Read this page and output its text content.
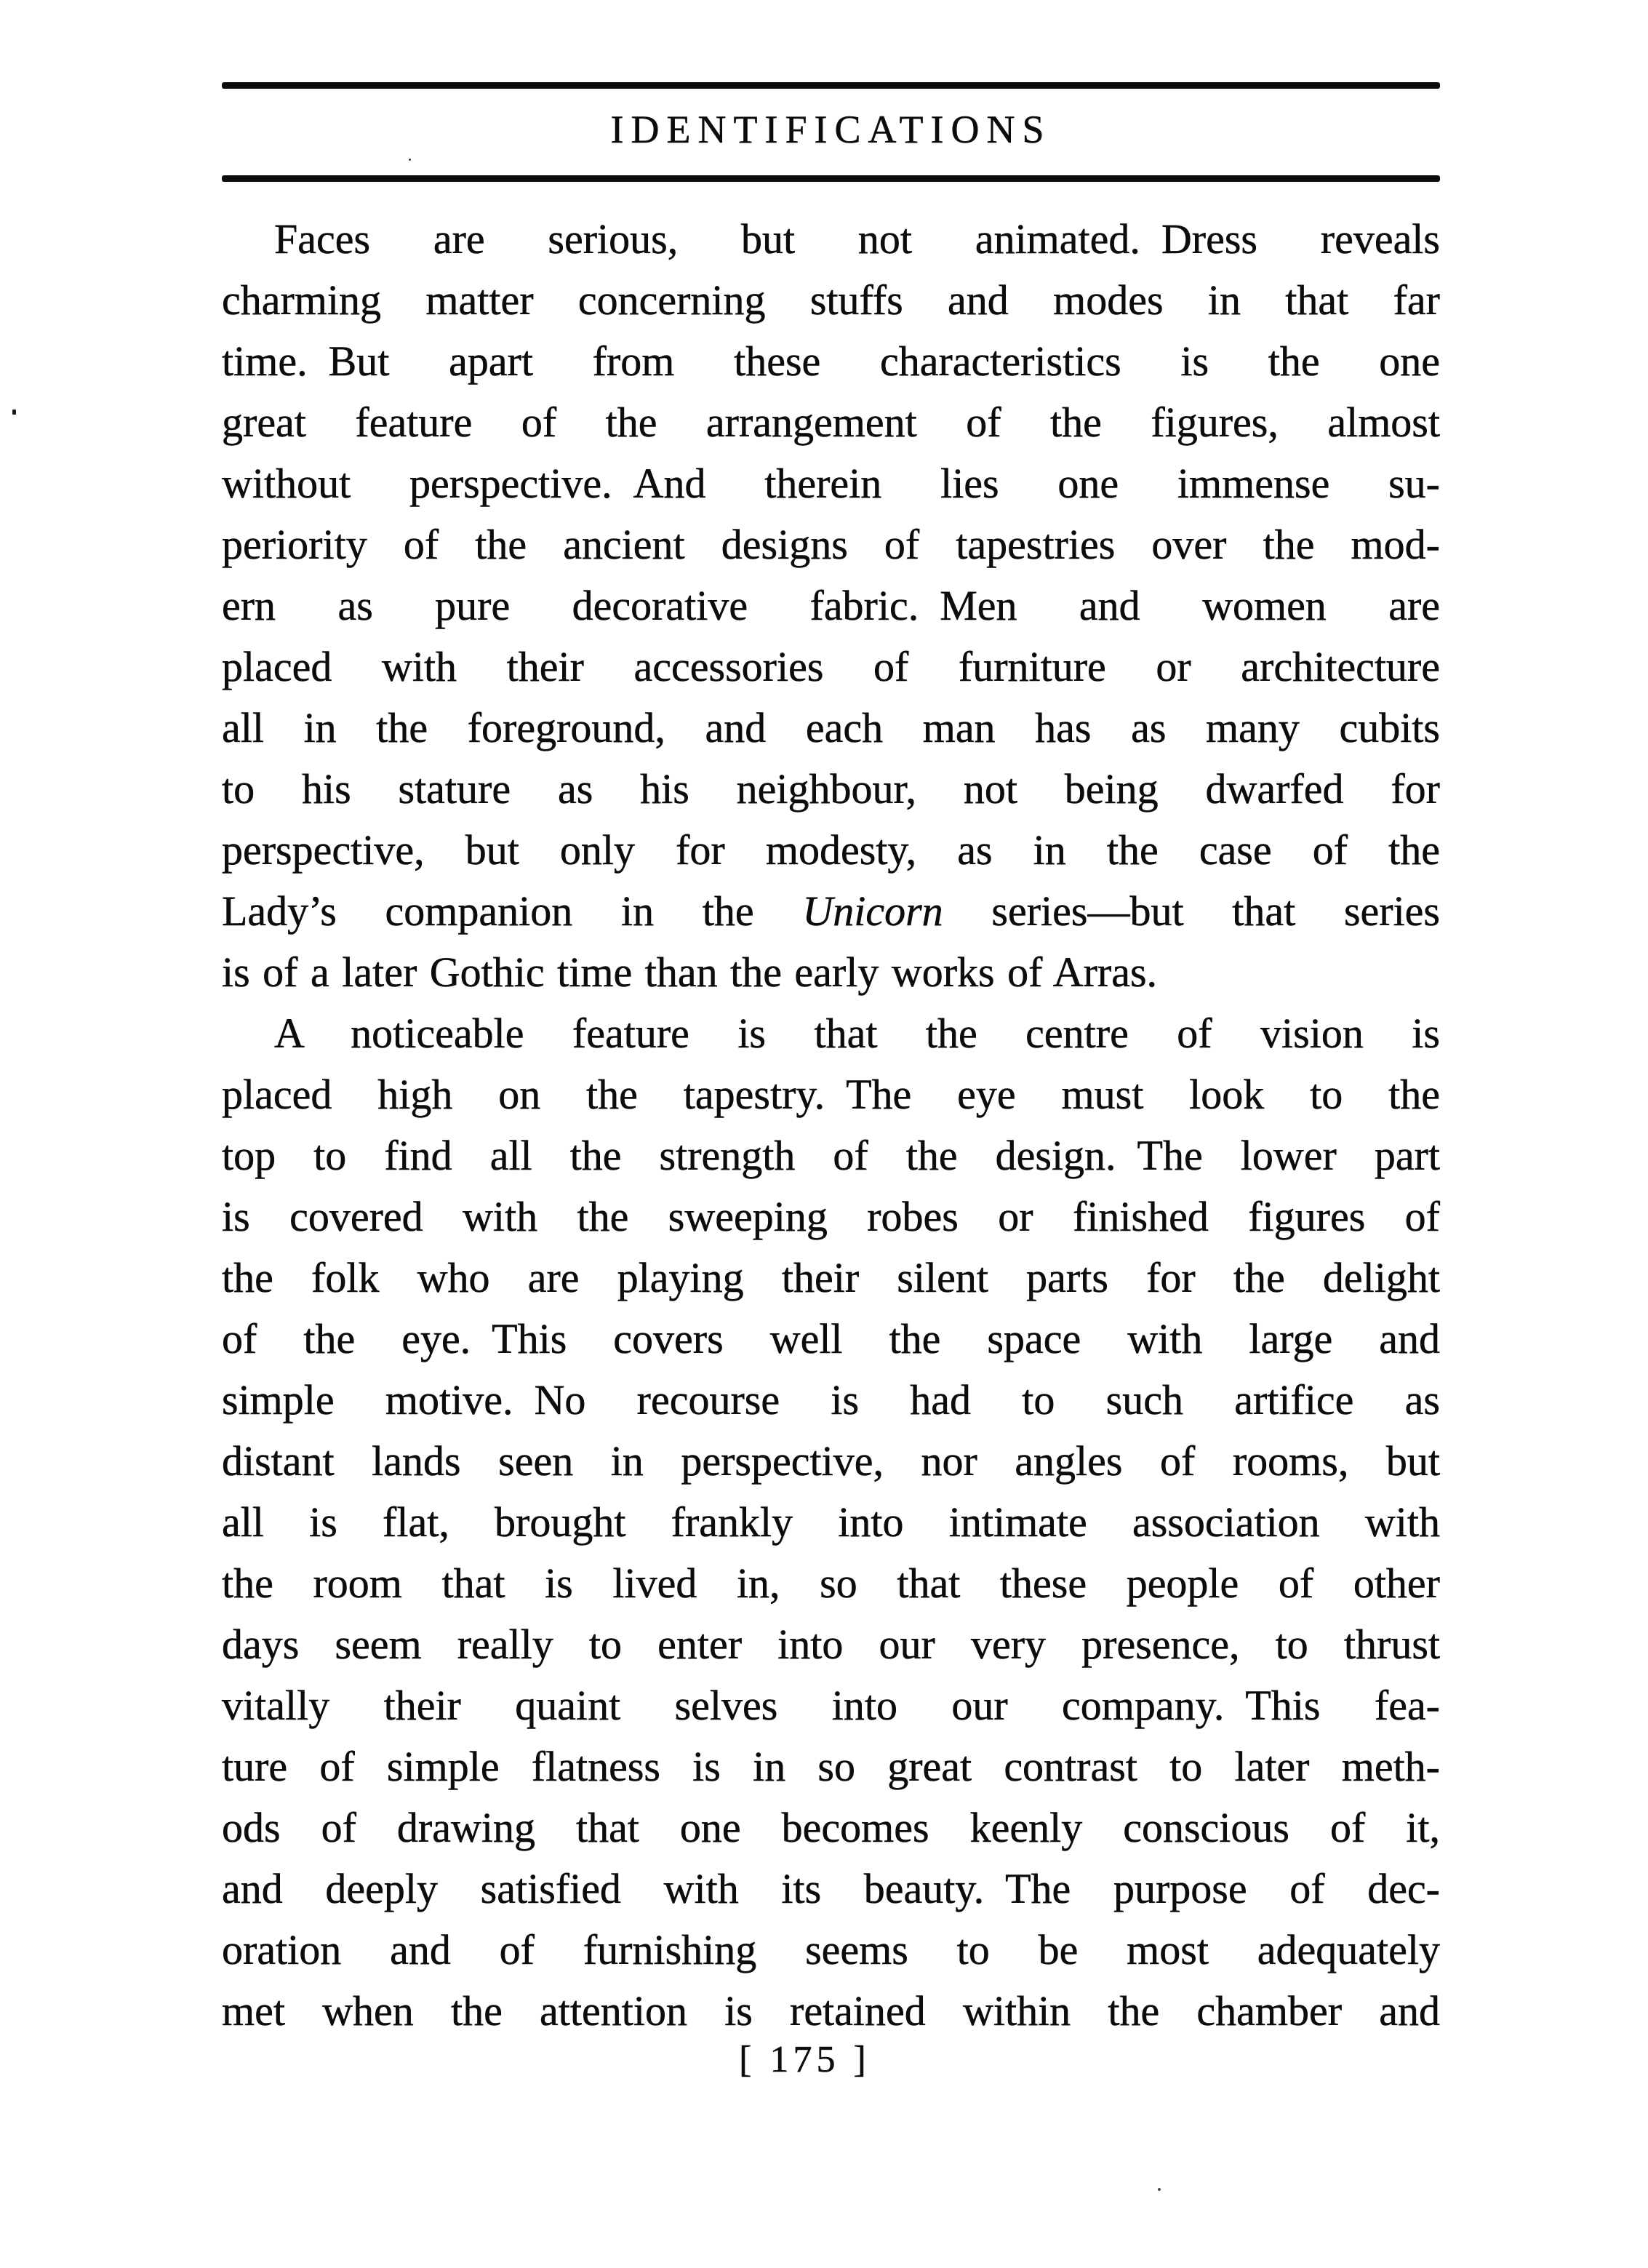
IDENTIFICATIONS
Faces are serious, but not animated. Dress reveals
charming matter concerning stuffs and modes in that far
time. But apart from these characteristics is the one
great feature of the arrangement of the figures, almost
without perspective. And therein lies one immense su-
periority of the ancient designs of tapestries over the mod-
ern as pure decorative fabric. Men and women are
placed with their accessories of furniture or architecture
all in the foreground, and each man has as many cubits
to his stature as his neighbour, not being dwarfed for
perspective, but only for modesty, as in the case of the
Lady’s companion in the Unicorn series—but that series
is of a later Gothic time than the early works of Arras.
A noticeable feature is that the centre of vision is
placed high on the tapestry. The eye must look to the
top to find all the strength of the design. The lower part
is covered with the sweeping robes or finished figures of
the folk who are playing their silent parts for the delight
of the eye. This covers well the space with large and
simple motive. No recourse is had to such artifice as
distant lands seen in perspective, nor angles of rooms, but
all is flat, brought frankly into intimate association with
the room that is lived in, so that these people of other
days seem really to enter into our very presence, to thrust
vitally their quaint selves into our company. This fea-
ture of simple flatness is in so great contrast to later meth-
ods of drawing that one becomes keenly conscious of it,
and deeply satisfied with its beauty. The purpose of dec-
oration and of furnishing seems to be most adequately
met when the attention is retained within the chamber and
[ 175 ]
